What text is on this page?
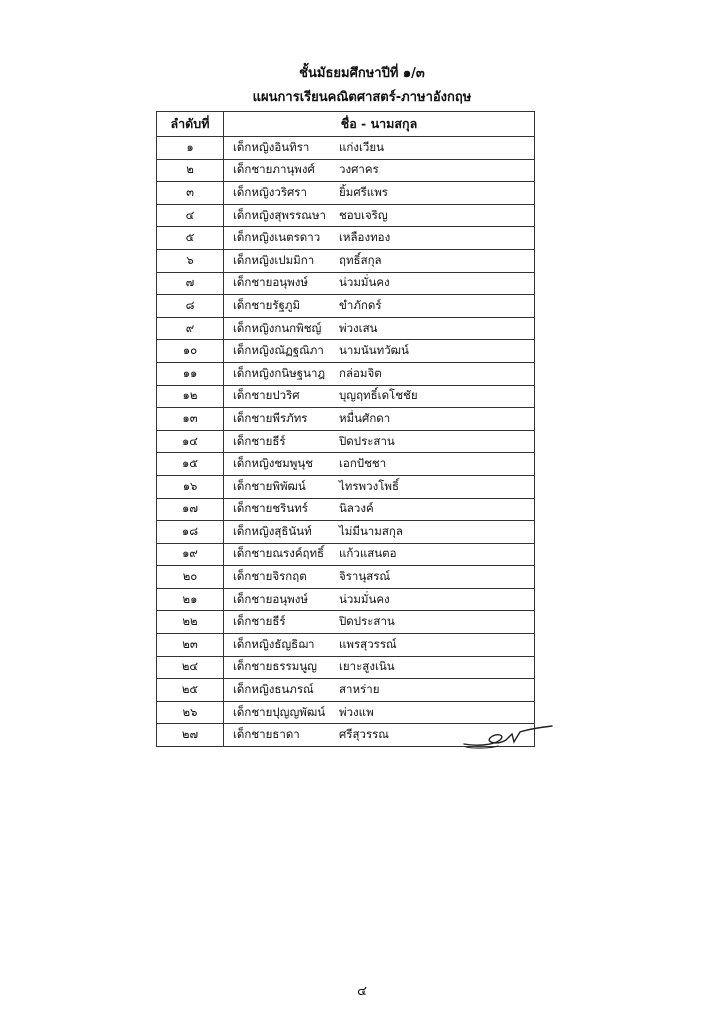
ชั้นมัธยมศึกษาปีที่ ๑/๓
แผนการเรียนคณิตศาสตร์-ภาษาอังกฤษ
ลำดับที่	ชื่อ - นามสกุล
๑	เด็กหญิงอินทิรา แก่งเวียน
๒	เด็กชายภานุพงศ์ วงศาคร
๓	เด็กหญิงวริศรา ยิ้มศรีแพร
๔	เด็กหญิงสุพรรณษา ชอบเจริญ
๕	เด็กหญิงเนตรดาว เหลืองทอง
๖	เด็กหญิงเปมมิกา ฤทธิ์สกุล
๗	เด็กชายอนุพงษ์ น่วมมั่นคง
๘	เด็กชายรัฐภูมิ ขำภักดร์
๙	เด็กหญิงกนกพิชญ์ พ่วงเสน
๑๐	เด็กหญิงณัฏฐณิภา นามนันทวัฒน์
๑๑	เด็กหญิงกนิษฐนาฎ กล่อมจิต
๑๒	เด็กชายปวริศ บุญฤทธิ์เดโชชัย
๑๓	เด็กชายพีรภัทร หมื่นศักดา
๑๔	เด็กชายธีร์ ปิดประสาน
๑๕	เด็กหญิงชมพูนุช เอกปัชชา
๑๖	เด็กชายพิพัฒน์ ไทรพวงโพธิ์
๑๗	เด็กชายชรินทร์ นิลวงค์
๑๘	เด็กหญิงสุธินันท์ ไม่มีนามสกุล
๑๙	เด็กชายณรงค์ฤทธิ์ แก้วแสนตอ
๒๐	เด็กชายจิรกฤต จิรานุสรณ์
๒๑	เด็กชายอนุพงษ์ น่วมมั่นคง
๒๒	เด็กชายธีร์ ปิดประสาน
๒๓	เด็กหญิงธัญธิฌา แพรสุวรรณ์
๒๔	เด็กชายธรรมนูญ เยาะสูงเนิน
๒๕	เด็กหญิงธนภรณ์ สาหร่าย
๒๖	เด็กชายปุญญพัฒน์ พ่วงแพ
๒๗	เด็กชายธาดา ศรีสุวรรณ
๔
